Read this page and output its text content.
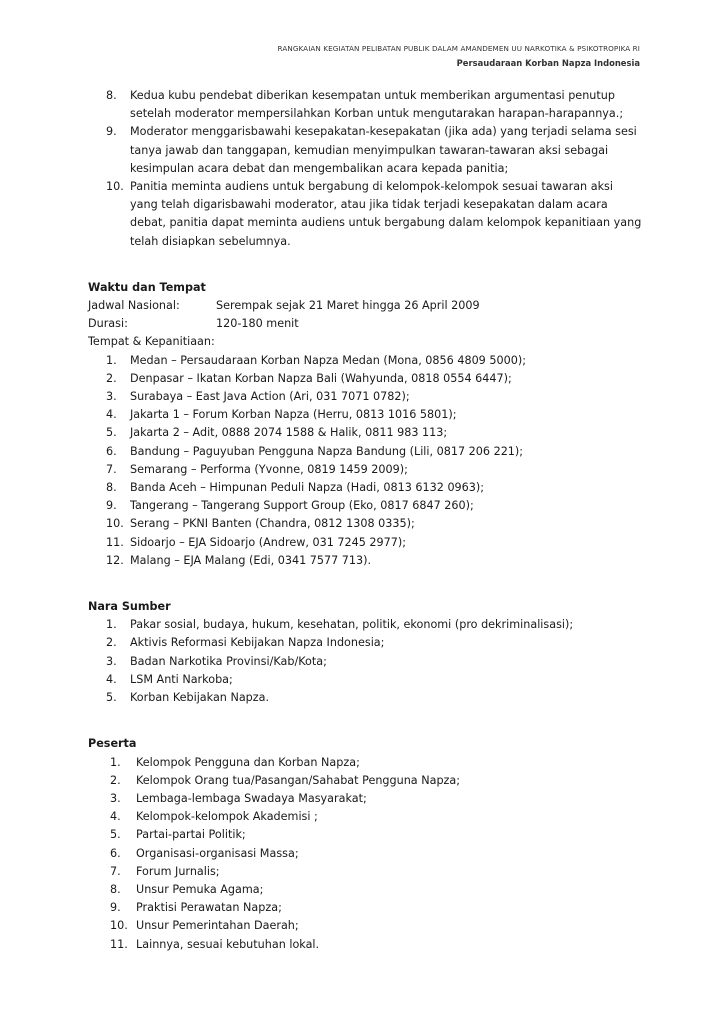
RANGKAIAN KEGIATAN PELIBATAN PUBLIK DALAM AMANDEMEN UU NARKOTIKA & PSIKOTROPIKA RI
Persaudaraan Korban Napza Indonesia
8. Kedua kubu pendebat diberikan kesempatan untuk memberikan argumentasi penutup setelah moderator mempersilahkan Korban untuk mengutarakan harapan-harapannya.;
9. Moderator menggarisbawahi kesepakatan-kesepakatan (jika ada) yang terjadi selama sesi tanya jawab dan tanggapan, kemudian menyimpulkan tawaran-tawaran aksi sebagai kesimpulan acara debat dan mengembalikan acara kepada panitia;
10. Panitia meminta audiens untuk bergabung di kelompok-kelompok sesuai tawaran aksi yang telah digarisbawahi moderator, atau jika tidak terjadi kesepakatan dalam acara debat, panitia dapat meminta audiens untuk bergabung dalam kelompok kepanitiaan yang telah disiapkan sebelumnya.
Waktu dan Tempat
Jadwal Nasional:	Serempak sejak 21 Maret hingga 26 April 2009
Durasi:	120-180 menit
Tempat & Kepanitiaan:
1. Medan – Persaudaraan Korban Napza Medan (Mona, 0856 4809 5000);
2. Denpasar – Ikatan Korban Napza Bali (Wahyunda, 0818 0554 6447);
3. Surabaya – East Java Action (Ari, 031 7071 0782);
4. Jakarta 1 – Forum Korban Napza (Herru, 0813 1016 5801);
5. Jakarta 2 – Adit, 0888 2074 1588 & Halik, 0811 983 113;
6. Bandung – Paguyuban Pengguna Napza Bandung (Lili, 0817 206 221);
7. Semarang – Performa (Yvonne, 0819 1459 2009);
8. Banda Aceh – Himpunan Peduli Napza (Hadi, 0813 6132 0963);
9. Tangerang – Tangerang Support Group (Eko, 0817 6847 260);
10. Serang – PKNI Banten (Chandra, 0812 1308 0335);
11. Sidoarjo – EJA Sidoarjo (Andrew, 031 7245 2977);
12. Malang – EJA Malang (Edi, 0341 7577 713).
Nara Sumber
1. Pakar sosial, budaya, hukum, kesehatan, politik, ekonomi (pro dekriminalisasi);
2. Aktivis Reformasi Kebijakan Napza Indonesia;
3. Badan Narkotika Provinsi/Kab/Kota;
4. LSM Anti Narkoba;
5. Korban Kebijakan Napza.
Peserta
1. Kelompok Pengguna dan Korban Napza;
2. Kelompok Orang tua/Pasangan/Sahabat Pengguna Napza;
3. Lembaga-lembaga Swadaya Masyarakat;
4. Kelompok-kelompok Akademisi ;
5. Partai-partai Politik;
6. Organisasi-organisasi Massa;
7. Forum Jurnalis;
8. Unsur Pemuka Agama;
9. Praktisi Perawatan Napza;
10. Unsur Pemerintahan Daerah;
11. Lainnya, sesuai kebutuhan lokal.
